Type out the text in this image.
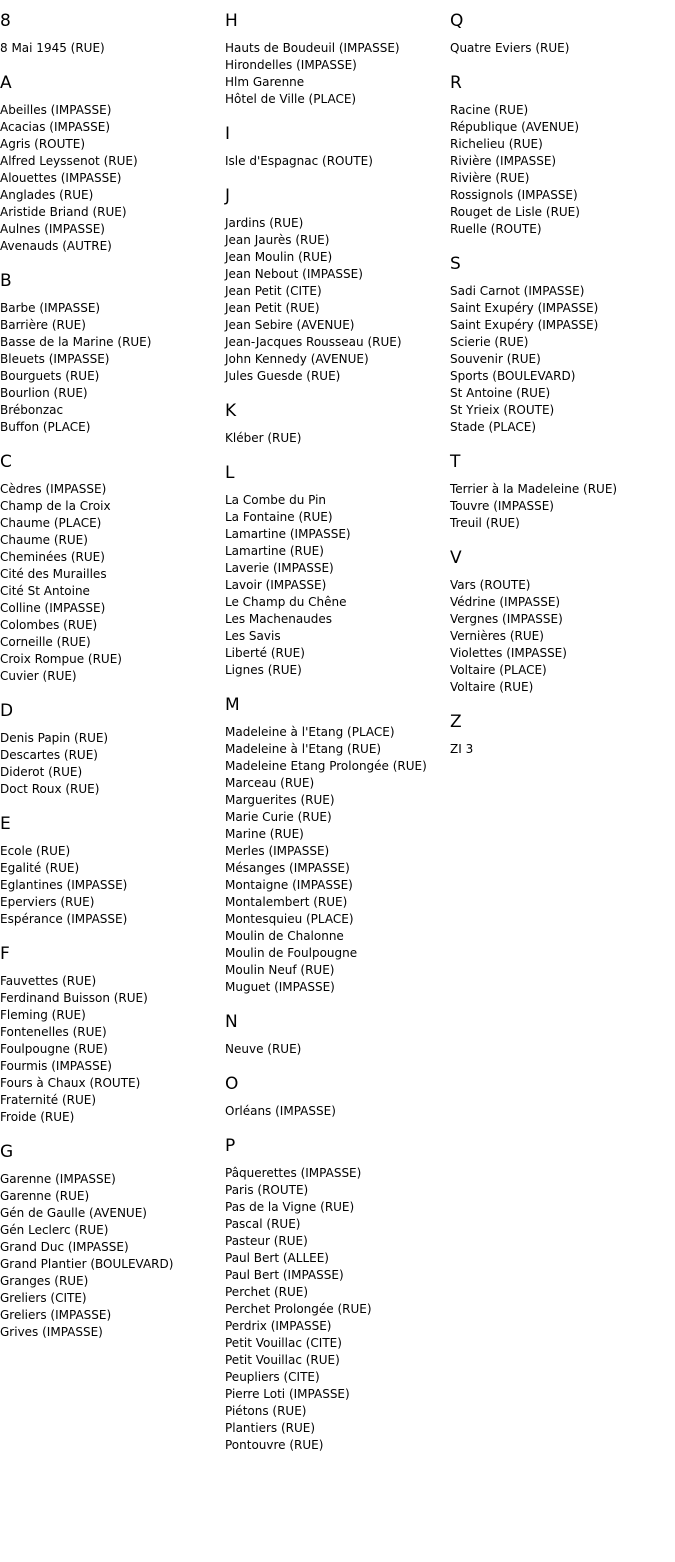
8
8 Mai 1945 (RUE)
A
Abeilles (IMPASSE)
Acacias (IMPASSE)
Agris (ROUTE)
Alfred Leyssenot (RUE)
Alouettes (IMPASSE)
Anglades (RUE)
Aristide Briand (RUE)
Aulnes (IMPASSE)
Avenauds (AUTRE)
B
Barbe (IMPASSE)
Barrière (RUE)
Basse de la Marine (RUE)
Bleuets (IMPASSE)
Bourguets (RUE)
Bourlion (RUE)
Brébonzac
Buffon (PLACE)
C
Cèdres (IMPASSE)
Champ de la Croix
Chaume (PLACE)
Chaume (RUE)
Cheminées (RUE)
Cité des Murailles
Cité St Antoine
Colline (IMPASSE)
Colombes (RUE)
Corneille (RUE)
Croix Rompue (RUE)
Cuvier (RUE)
D
Denis Papin (RUE)
Descartes (RUE)
Diderot (RUE)
Doct Roux (RUE)
E
Ecole (RUE)
Egalité (RUE)
Eglantines (IMPASSE)
Eperviers (RUE)
Espérance (IMPASSE)
F
Fauvettes (RUE)
Ferdinand Buisson (RUE)
Fleming (RUE)
Fontenelles (RUE)
Foulpougne (RUE)
Fourmis (IMPASSE)
Fours à Chaux (ROUTE)
Fraternité (RUE)
Froide (RUE)
G
Garenne (IMPASSE)
Garenne (RUE)
Gén de Gaulle (AVENUE)
Gén Leclerc (RUE)
Grand Duc (IMPASSE)
Grand Plantier (BOULEVARD)
Granges (RUE)
Greliers (CITE)
Greliers (IMPASSE)
Grives (IMPASSE)
H
Hauts de Boudeuil (IMPASSE)
Hirondelles (IMPASSE)
Hlm Garenne
Hôtel de Ville (PLACE)
I
Isle d'Espagnac (ROUTE)
J
Jardins (RUE)
Jean Jaurès (RUE)
Jean Moulin (RUE)
Jean Nebout (IMPASSE)
Jean Petit (CITE)
Jean Petit (RUE)
Jean Sebire (AVENUE)
Jean-Jacques Rousseau (RUE)
John Kennedy (AVENUE)
Jules Guesde (RUE)
K
Kléber (RUE)
L
La Combe du Pin
La Fontaine (RUE)
Lamartine (IMPASSE)
Lamartine (RUE)
Laverie (IMPASSE)
Lavoir (IMPASSE)
Le Champ du Chêne
Les Machenaudes
Les Savis
Liberté (RUE)
Lignes (RUE)
M
Madeleine à l'Etang (PLACE)
Madeleine à l'Etang (RUE)
Madeleine Etang Prolongée (RUE)
Marceau (RUE)
Marguerites (RUE)
Marie Curie (RUE)
Marine (RUE)
Merles (IMPASSE)
Mésanges (IMPASSE)
Montaigne (IMPASSE)
Montalembert (RUE)
Montesquieu (PLACE)
Moulin de Chalonne
Moulin de Foulpougne
Moulin Neuf (RUE)
Muguet (IMPASSE)
N
Neuve (RUE)
O
Orléans (IMPASSE)
P
Pâquerettes (IMPASSE)
Paris (ROUTE)
Pas de la Vigne (RUE)
Pascal (RUE)
Pasteur (RUE)
Paul Bert (ALLEE)
Paul Bert (IMPASSE)
Perchet (RUE)
Perchet Prolongée (RUE)
Perdrix (IMPASSE)
Petit Vouillac (CITE)
Petit Vouillac (RUE)
Peupliers (CITE)
Pierre Loti (IMPASSE)
Piétons (RUE)
Plantiers (RUE)
Pontouvre (RUE)
Q
Quatre Eviers (RUE)
R
Racine (RUE)
République (AVENUE)
Richelieu (RUE)
Rivière (IMPASSE)
Rivière (RUE)
Rossignols (IMPASSE)
Rouget de Lisle (RUE)
Ruelle (ROUTE)
S
Sadi Carnot (IMPASSE)
Saint Exupéry (IMPASSE)
Saint Exupéry (IMPASSE)
Scierie (RUE)
Souvenir (RUE)
Sports (BOULEVARD)
St Antoine (RUE)
St Yrieix (ROUTE)
Stade (PLACE)
T
Terrier à la Madeleine (RUE)
Touvre (IMPASSE)
Treuil (RUE)
V
Vars (ROUTE)
Védrine (IMPASSE)
Vergnes (IMPASSE)
Vernières (RUE)
Violettes (IMPASSE)
Voltaire (PLACE)
Voltaire (RUE)
Z
ZI 3
